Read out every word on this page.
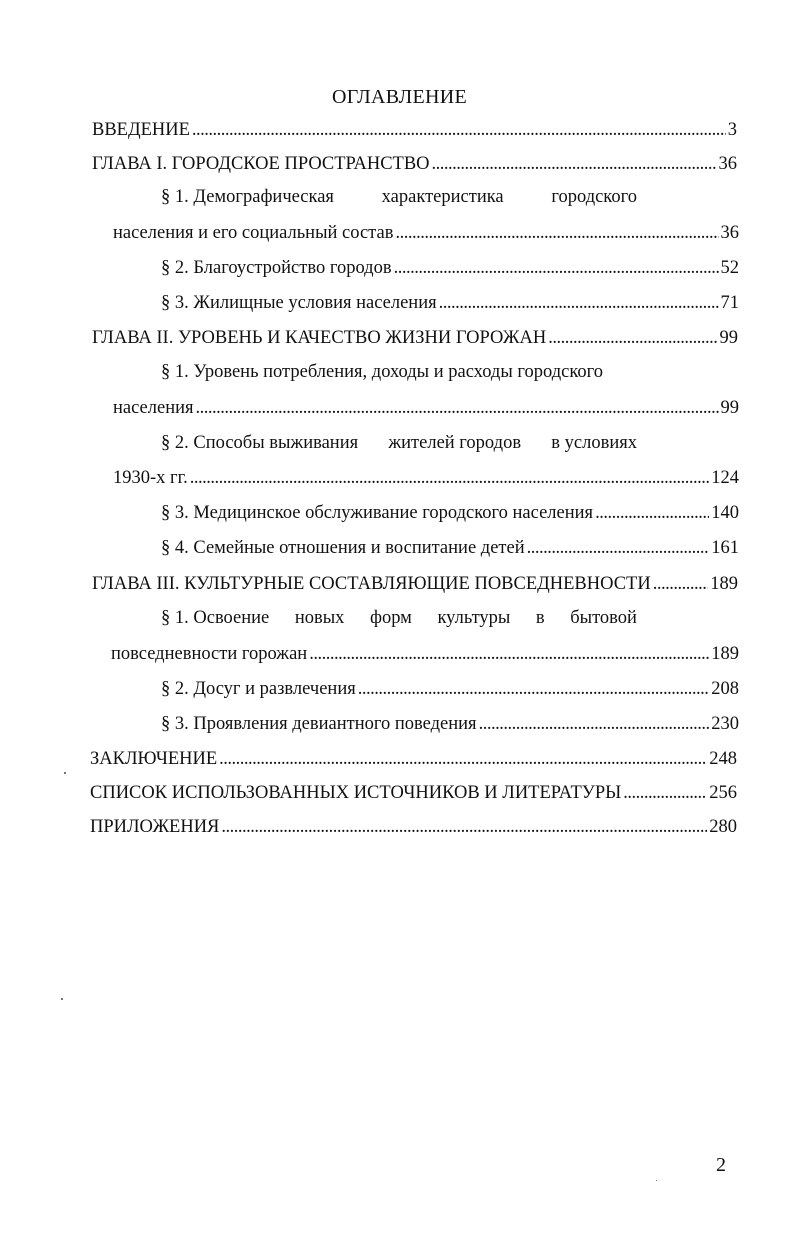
ОГЛАВЛЕНИЕ
ВВЕДЕНИЕ .....	3
ГЛАВА I. ГОРОДСКОЕ ПРОСТРАНСТВО .....	36
§ 1. Демографическая	характеристика	городского
населения и его социальный состав .....	36
§ 2. Благоустройство городов .....	52
§ 3. Жилищные условия населения .....	71
ГЛАВА II. УРОВЕНЬ И КАЧЕСТВО ЖИЗНИ ГОРОЖАН .....	99
§ 1. Уровень потребления, доходы и расходы городского
населения .....	99
§ 2. Способы выживания жителей городов в условиях
1930-х гг. .....	124
§ 3. Медицинское обслуживание городского населения .....	140
§ 4. Семейные отношения и воспитание детей .....	161
ГЛАВА III. КУЛЬТУРНЫЕ СОСТАВЛЯЮЩИЕ ПОВСЕДНЕВНОСТИ .....	189
§ 1. Освоение новых форм культуры в бытовой
повседневности горожан .....	189
§ 2. Досуг и развлечения .....	208
§ 3. Проявления девиантного поведения .....	230
ЗАКЛЮЧЕНИЕ .....	248
СПИСОК ИСПОЛЬЗОВАННЫХ ИСТОЧНИКОВ И ЛИТЕРАТУРЫ .....	256
ПРИЛОЖЕНИЯ .....	280
2
